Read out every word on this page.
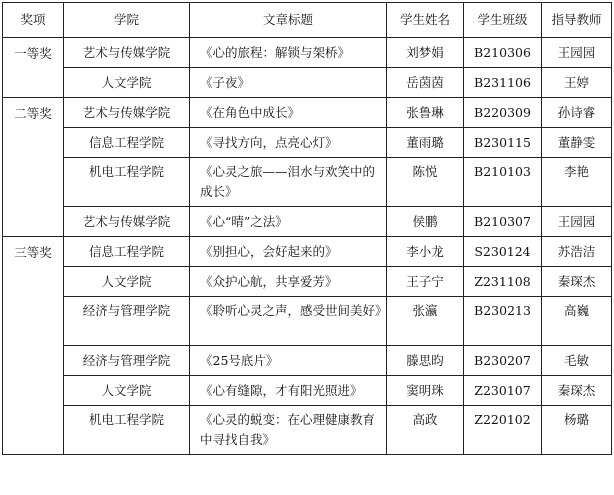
奖项	学院	文章标题	学生姓名	学生班级	指导教师
一等奖	艺术与传媒学院	《心的旅程：解锁与架桥》	刘梦娟	B210306	王园园
	人文学院	《子夜》	岳茵茵	B231106	王婷
二等奖	艺术与传媒学院	《在角色中成长》	张鲁琳	B220309	孙诗睿
	信息工程学院	《寻找方向，点亮心灯》	董雨璐	B230115	董静雯
	机电工程学院	《心灵之旅——泪水与欢笑中的成长》	陈悦	B210103	李艳
	艺术与传媒学院	《心“晴”之法》	侯鹏	B210307	王园园
三等奖	信息工程学院	《别担心，会好起来的》	李小龙	S230124	苏浩洁
	人文学院	《众护心航，共享爱芳》	王子宁	Z231108	秦琛杰
	经济与管理学院	《聆听心灵之声，感受世间美好》	张瀛	B230213	高巍
	经济与管理学院	《25号底片》	滕思昀	B230207	毛敏
	人文学院	《心有缝隙，才有阳光照进》	窦明珠	Z230107	秦琛杰
	机电工程学院	《心灵的蜕变：在心理健康教育中寻找自我》	高政	Z220102	杨璐
